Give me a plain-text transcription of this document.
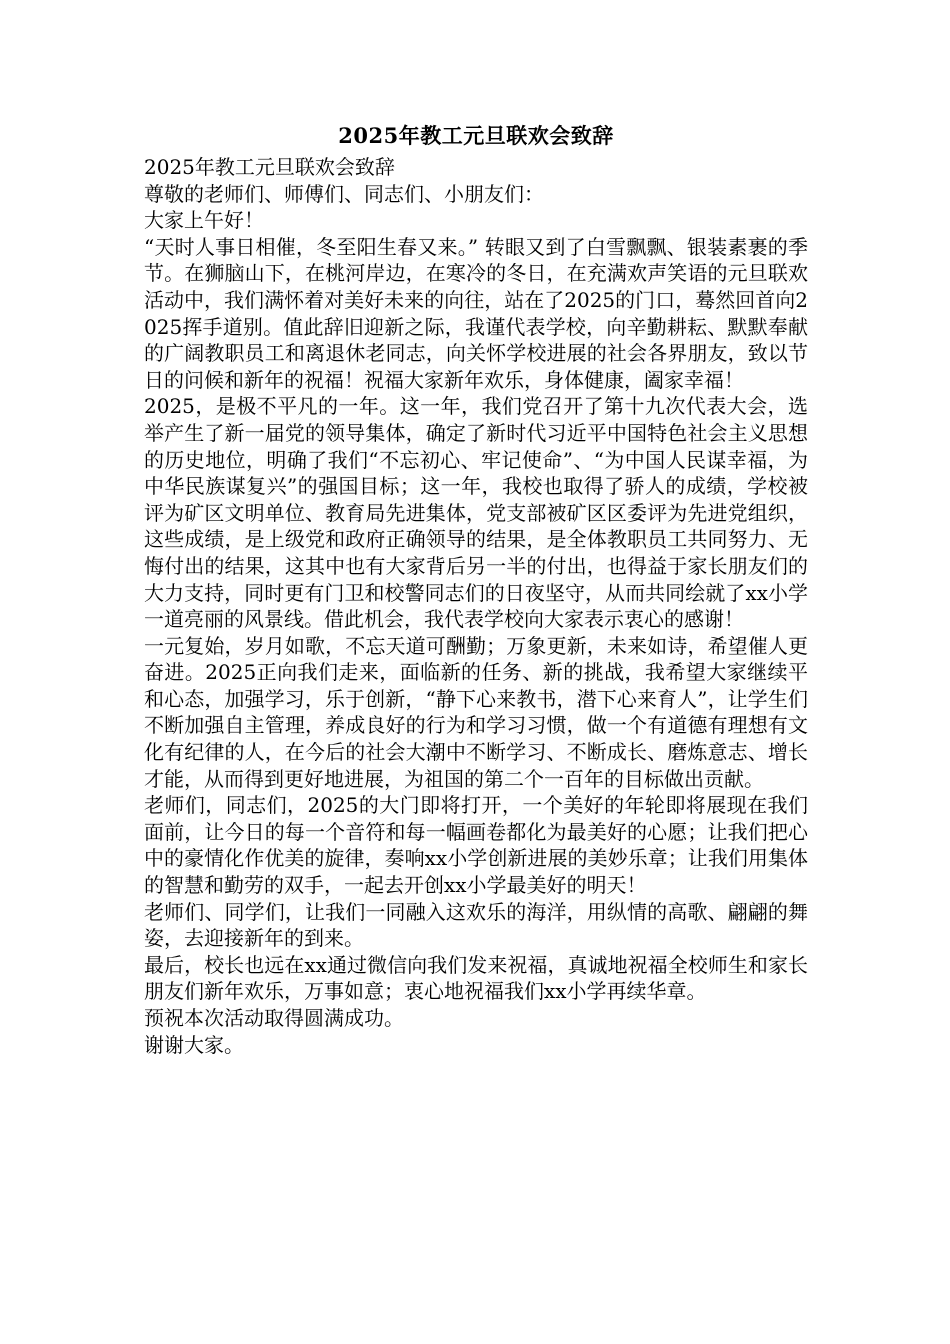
2025年教工元旦联欢会致辞

2025年教工元旦联欢会致辞

尊敬的老师们、师傅们、同志们、小朋友们：

大家上午好！

“天时人事日相催，冬至阳生春又来。” 转眼又到了白雪飘飘、银装素裹的季节。在狮脑山下，在桃河岸边，在寒冷的冬日，在充满欢声笑语的元旦联欢活动中，我们满怀着对美好未来的向往，站在了2025的门口，蓦然回首向2025挥手道别。值此辞旧迎新之际，我谨代表学校，向辛勤耕耘、默默奉献的广阔教职员工和离退休老同志，向关怀学校进展的社会各界朋友，致以节日的问候和新年的祝福！祝福大家新年欢乐，身体健康，阖家幸福！

2025，是极不平凡的一年。这一年，我们党召开了第十九次代表大会，选举产生了新一届党的领导集体，确定了新时代习近平中国特色社会主义思想的历史地位，明确了我们“不忘初心、牢记使命”、“为中国人民谋幸福，为中华民族谋复兴”的强国目标；这一年，我校也取得了骄人的成绩，学校被评为矿区文明单位、教育局先进集体，党支部被矿区区委评为先进党组织，这些成绩，是上级党和政府正确领导的结果，是全体教职员工共同努力、无悔付出的结果，这其中也有大家背后另一半的付出，也得益于家长朋友们的大力支持，同时更有门卫和校警同志们的日夜坚守，从而共同绘就了xx小学一道亮丽的风景线。借此机会，我代表学校向大家表示衷心的感谢！

一元复始，岁月如歌，不忘天道可酬勤；万象更新，未来如诗，希望催人更奋进。2025正向我们走来，面临新的任务、新的挑战，我希望大家继续平和心态，加强学习，乐于创新，“静下心来教书，潜下心来育人”，让学生们不断加强自主管理，养成良好的行为和学习习惯，做一个有道德有理想有文化有纪律的人，在今后的社会大潮中不断学习、不断成长、磨炼意志、增长才能，从而得到更好地进展，为祖国的第二个一百年的目标做出贡献。

老师们，同志们，2025的大门即将打开，一个美好的年轮即将展现在我们面前，让今日的每一个音符和每一幅画卷都化为最美好的心愿；让我们把心中的豪情化作优美的旋律，奏响xx小学创新进展的美妙乐章；让我们用集体的智慧和勤劳的双手，一起去开创xx小学最美好的明天！

老师们、同学们，让我们一同融入这欢乐的海洋，用纵情的高歌、翩翩的舞姿，去迎接新年的到来。

最后，校长也远在xx通过微信向我们发来祝福，真诚地祝福全校师生和家长朋友们新年欢乐，万事如意；衷心地祝福我们xx小学再续华章。

预祝本次活动取得圆满成功。

谢谢大家。
